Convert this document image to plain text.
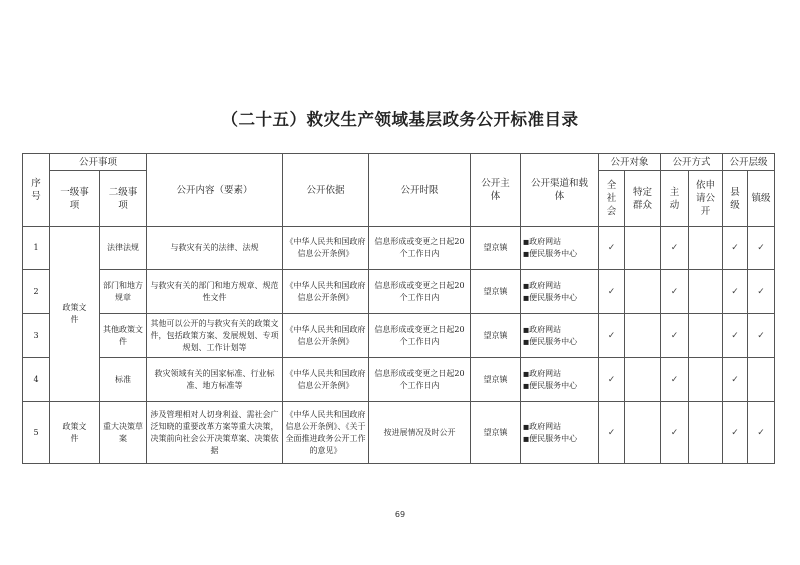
（二十五）救灾生产领域基层政务公开标准目录
序号	公开事项		公开内容（要素）	公开依据	公开时限	公开主体	公开渠道和载体	公开对象		公开方式		公开层级	
	一级事项	二级事项						全社会	特定群众	主动	依申请公开	县级	镇级

1	政策文件	法律法规	与救灾有关的法律、法规	《中华人民共和国政府信息公开条例》	信息形成或变更之日起20个工作日内	望京镇	■政府网站
■便民服务中心	✓		✓		✓	✓
2		部门和地方规章	与救灾有关的部门和地方规章、规范性文件	《中华人民共和国政府信息公开条例》	信息形成或变更之日起20个工作日内	望京镇	■政府网站
■便民服务中心	✓		✓		✓	✓
3		其他政策文件	其他可以公开的与救灾有关的政策文件，包括政策方案、发展规划、专项规划、工作计划等	《中华人民共和国政府信息公开条例》	信息形成或变更之日起20个工作日内	望京镇	■政府网站
■便民服务中心	✓		✓		✓	✓
4		标准	救灾领域有关的国家标准、行业标准、地方标准等	《中华人民共和国政府信息公开条例》	信息形成或变更之日起20个工作日内	望京镇	■政府网站
■便民服务中心	✓		✓		✓	
5	政策文件	重大决策草案	涉及管理相对人切身利益、需社会广泛知晓的重要改革方案等重大决策，决策前向社会公开决策草案、决策依据	《中华人民共和国政府信息公开条例》、《关于全面推进政务公开工作的意见》	按进展情况及时公开	望京镇	■政府网站
■便民服务中心	✓		✓		✓	✓
69
